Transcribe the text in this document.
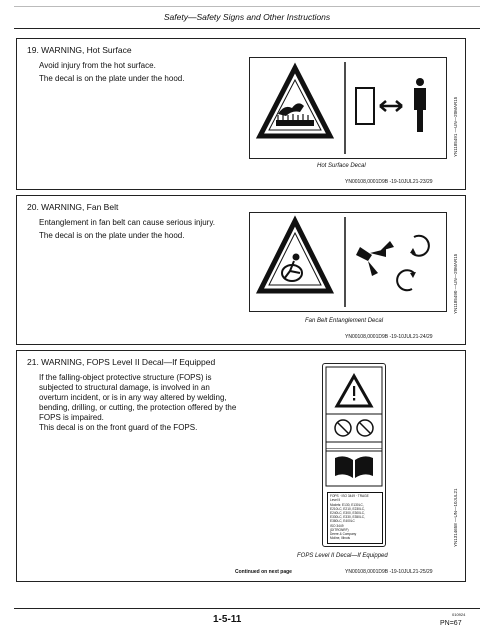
Safety—Safety Signs and Other Instructions
19. WARNING, Hot Surface
Avoid injury from the hot surface.
The decal is on the plate under the hood.
Hot Surface Decal
YN00108,0001D9B -19-10JUL21-23/29
YN1185491 —UN—20MAR15
20. WARNING, Fan Belt
Entanglement in fan belt can cause serious injury.
The decal is on the plate under the hood.
Fan Belt Entanglement Decal
YN00108,0001D9B -19-10JUL21-24/29
YN1185490 —UN—20MAR15
21. WARNING, FOPS Level II Decal—If Equipped
If the falling-object protective structure (FOPS) is subjected to structural damage, is involved in an overturn incident, or is in any way altered by welding, bending, drilling, or cutting, the protection offered by the FOPS is impaired.
This decal is on the front guard of the FOPS.
FOPS · ISO 3449 · TRAGE
Level II
Models: E130, E130LC,
E210LC, E210, E230LC,
E240LC, E300, E300LC,
E330LC, E330, E350LC,
E380LC, E400LC
ISO 3449
(DITRONRF)
Deere & Company
Moline, Illinois
FOPS Level II Decal—If Equipped
YN00108,0001D9B -19-10JUL21-25/29
Continued on next page
YN1314658 —UN—10JUL21
1-5-11	010924
PN=67
